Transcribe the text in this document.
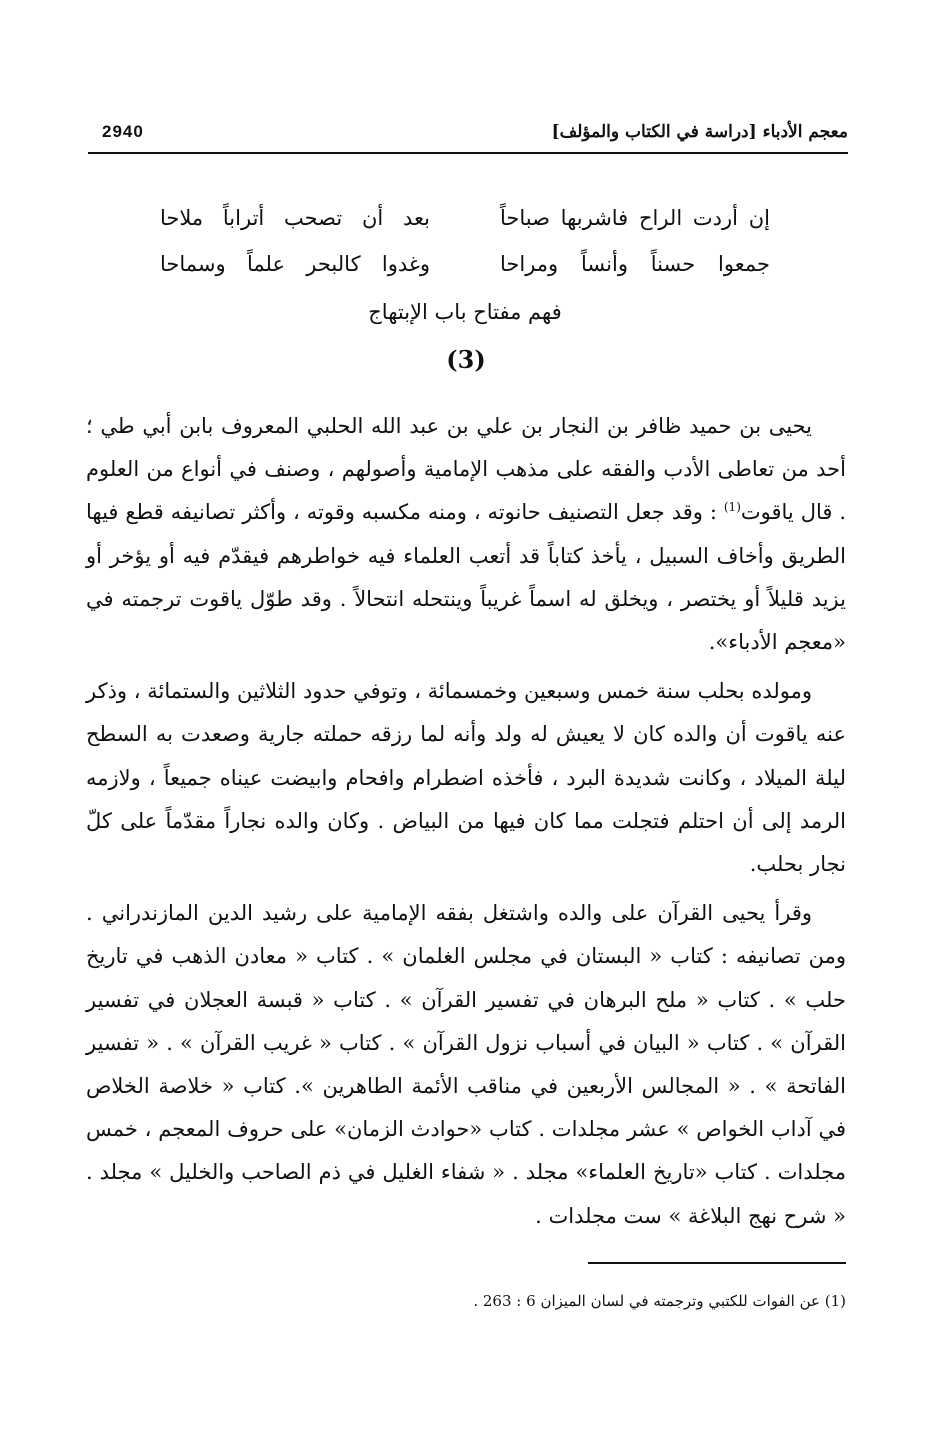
2940	معجم الأدباء [دراسة في الكتاب والمؤلف]
إن أردت الراح فاشربها صباحاً
بعد أن تصحب أتراباً ملاحا
جمعوا حسناً وأنساً ومراحا
وغدوا كالبحر علماً وسماحا
فهم مفتاح باب الإبتهاج
(3)

يحيى بن حميد ظافر بن النجار بن علي بن عبد الله الحلبي المعروف بابن أبي طي ؛ أحد من تعاطى الأدب والفقه على مذهب الإمامية وأصولهم ، وصنف في أنواع من العلوم . قال ياقوت$^{(1)}$ : وقد جعل التصنيف حانوته ، ومنه مكسبه وقوته ، وأكثر تصانيفه قطع فيها الطريق وأخاف السبيل ، يأخذ كتاباً قد أتعب العلماء فيه خواطرهم فيقدّم فيه أو يؤخر أو يزيد قليلاً أو يختصر ، ويخلق له اسماً غريباً وينتحله انتحالاً . وقد طوّل ياقوت ترجمته في «معجم الأدباء».

ومولده بحلب سنة خمس وسبعين وخمسمائة ، وتوفي حدود الثلاثين والستمائة ، وذكر عنه ياقوت أن والده كان لا يعيش له ولد وأنه لما رزقه حملته جارية وصعدت به السطح ليلة الميلاد ، وكانت شديدة البرد ، فأخذه اضطرام وافحام وابيضت عيناه جميعاً ، ولازمه الرمد إلى أن احتلم فتجلت مما كان فيها من البياض . وكان والده نجاراً مقدّماً على كلّ نجار بحلب.

وقرأ يحيى القرآن على والده واشتغل بفقه الإمامية على رشيد الدين المازندراني . ومن تصانيفه : كتاب « البستان في مجلس الغلمان » . كتاب « معادن الذهب في تاريخ حلب » . كتاب « ملح البرهان في تفسير القرآن » . كتاب « قبسة العجلان في تفسير القرآن » . كتاب « البيان في أسباب نزول القرآن » . كتاب « غريب القرآن » . « تفسير الفاتحة » . « المجالس الأربعين في مناقب الأئمة الطاهرين ». كتاب « خلاصة الخلاص في آداب الخواص » عشر مجلدات . كتاب «حوادث الزمان» على حروف المعجم ، خمس مجلدات . كتاب «تاريخ العلماء» مجلد . « شفاء الغليل في ذم الصاحب والخليل » مجلد . « شرح نهج البلاغة » ست مجلدات .

(1) عن الفوات للكتبي وترجمته في لسان الميزان 6 : 263 .
